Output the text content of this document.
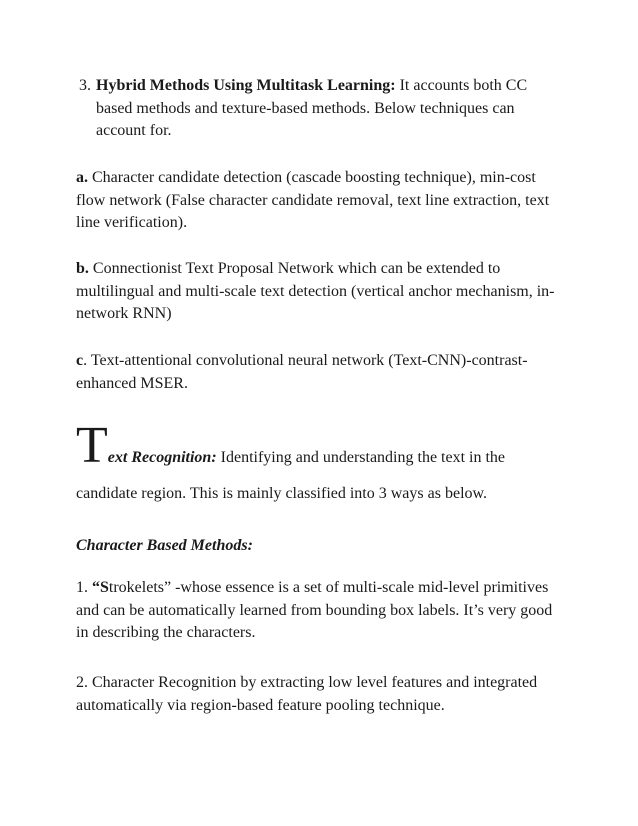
3. Hybrid Methods Using Multitask Learning: It accounts both CC based methods and texture-based methods. Below techniques can account for.

a. Character candidate detection (cascade boosting technique), min-cost flow network (False character candidate removal, text line extraction, text line verification).

b. Connectionist Text Proposal Network which can be extended to multilingual and multi-scale text detection (vertical anchor mechanism, in-network RNN)

c. Text-attentional convolutional neural network (Text-CNN)-contrast-enhanced MSER.

Text Recognition: Identifying and understanding the text in the
candidate region. This is mainly classified into 3 ways as below.

Character Based Methods:

1. “Strokelets” -whose essence is a set of multi-scale mid-level primitives and can be automatically learned from bounding box labels. It’s very good in describing the characters.

2. Character Recognition by extracting low level features and integrated automatically via region-based feature pooling technique.
